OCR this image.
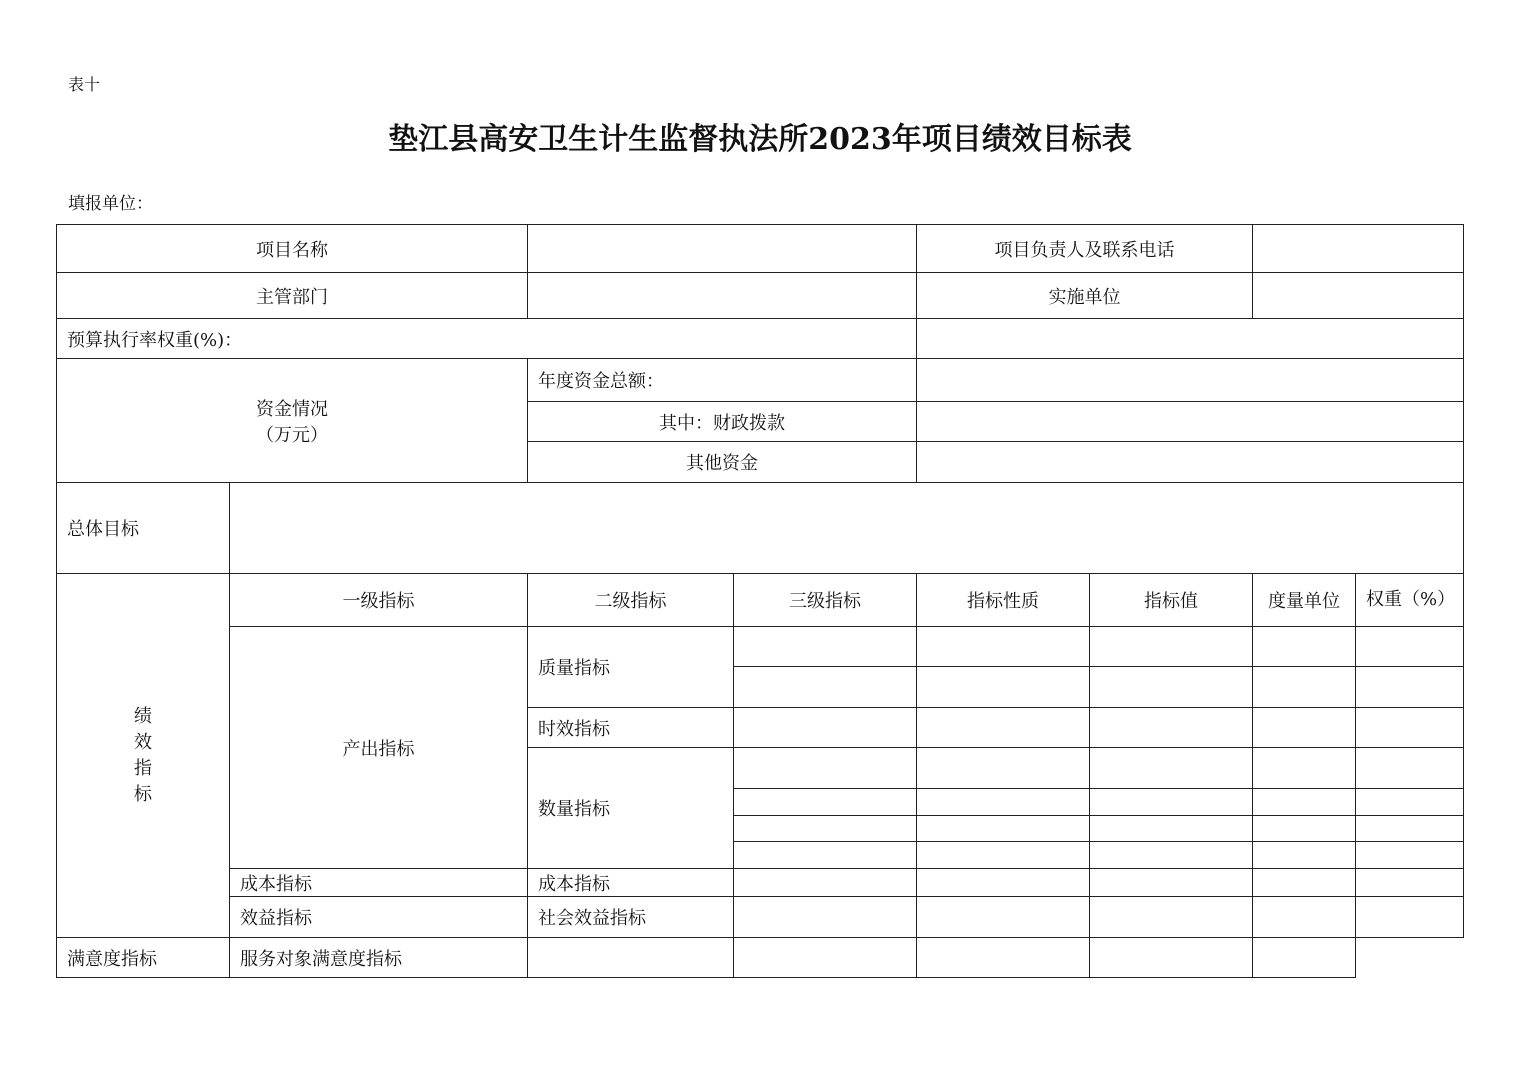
表十
垫江县高安卫生计生监督执法所2023年项目绩效目标表
填报单位：
项目名称				项目负责人及联系电话			
主管部门				实施单位			
预算执行率权重(%)：							

资金情况
（万元）		年度资金总额：					
		其中：财政拨款					
		其他资金					
总体目标							

绩
效
指
标	一级指标	二级指标	三级指标	指标性质	指标值	度量单位	权重（%）
	产出指标	质量指标					

		时效指标					
		数量指标					

	成本指标	成本指标					
	效益指标	社会效益指标					
满意度指标	服务对象满意度指标						
